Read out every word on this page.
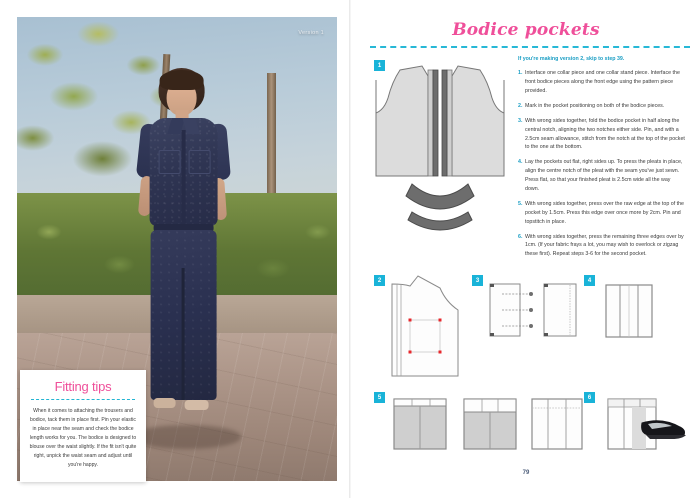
Version 1
Fitting tips
When it comes to attaching the trousers and bodice, tack them in place first. Pin your elastic in place near the seam and check the bodice length works for you. The bodice is designed to blouse over the waist slightly. If the fit isn't quite right, unpick the waist seam and adjust until you're happy.
Bodice pockets
If you're making version 2, skip to step 39.
1. Interface one collar piece and one collar stand piece. Interface the front bodice pieces along the front edge using the pattern piece provided.
2. Mark in the pocket positioning on both of the bodice pieces.
3. With wrong sides together, fold the bodice pocket in half along the central notch, aligning the two notches either side. Pin, and with a 2.5cm seam allowance, stitch from the notch at the top of the pocket to the one at the bottom.
4. Lay the pockets out flat, right sides up. To press the pleats in place, align the centre notch of the pleat with the seam you've just sewn. Press flat, so that your finished pleat is 2.5cm wide all the way down.
5. With wrong sides together, press over the raw edge at the top of the pocket by 1.5cm. Press this edge over once more by 2cm. Pin and topstitch in place.
6. With wrong sides together, press the remaining three edges over by 1cm. (If your fabric frays a lot, you may wish to overlock or zigzag these first). Repeat steps 3-6 for the second pocket.
1
2	3	4
5	6
79
